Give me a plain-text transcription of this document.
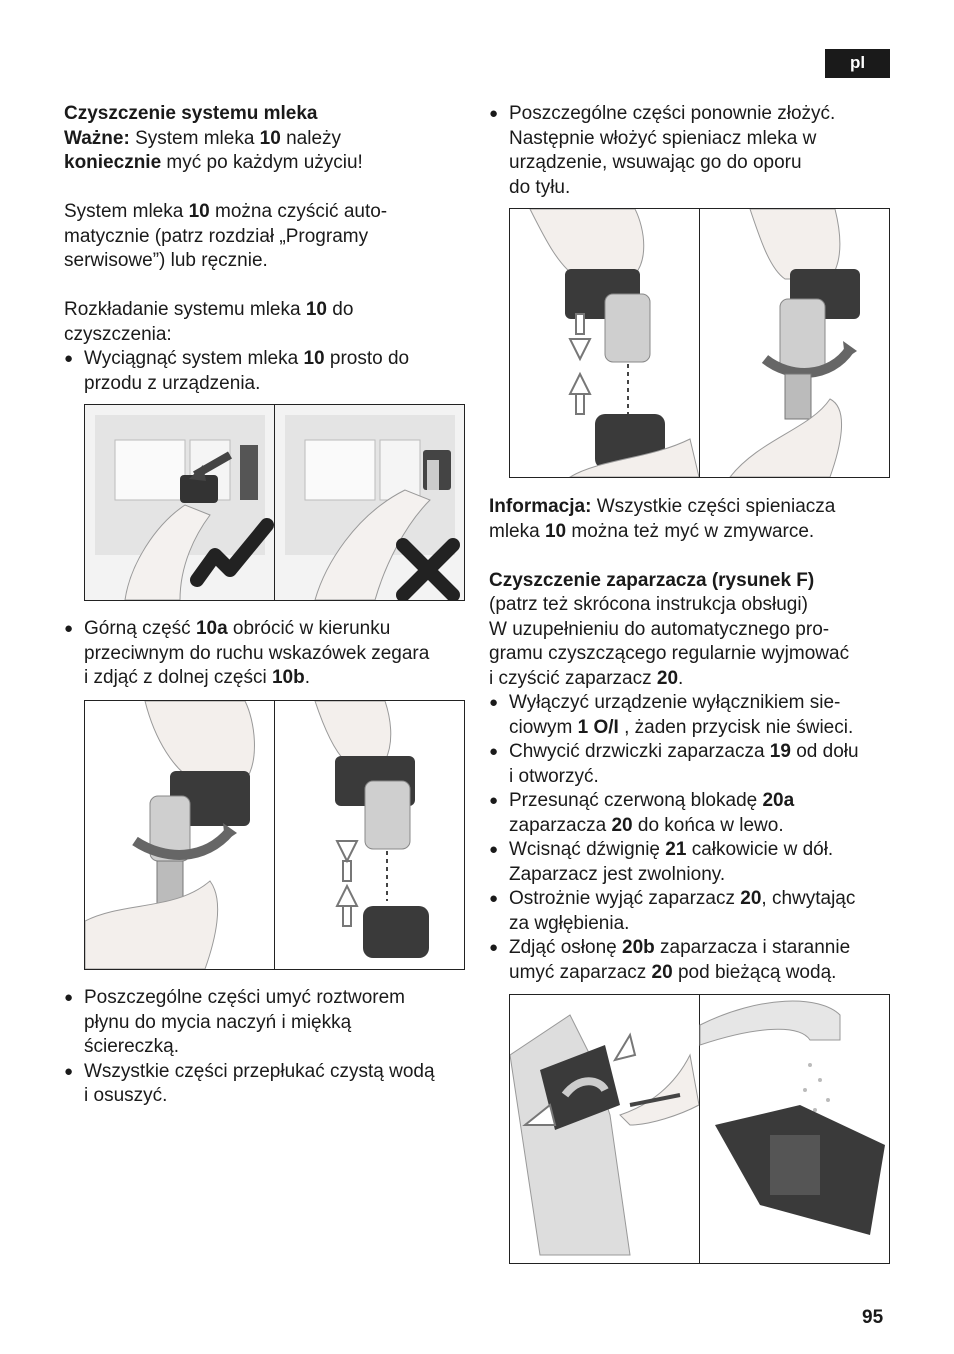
pl

Czyszczenie systemu mleka

Ważne: System mleka 10 należy
koniecznie myć po każdym użyciu!

System mleka 10 można czyścić auto-
matycznie (patrz rozdział „Programy
serwisowe”) lub ręcznie.

Rozkładanie systemu mleka 10 do
czyszczenia:

● Wyciągnąć system mleka 10 prosto do
przodu z urządzenia.

● Górną część 10a obrócić w kierunku
przeciwnym do ruchu wskazówek zegara
i zdjąć z dolnej części 10b.

● Poszczególne części umyć roztworem
płynu do mycia naczyń i miękką
ściereczką.

● Wszystkie części przepłukać czystą wodą
i osuszyć.

● Poszczególne części ponownie złożyć.
Następnie włożyć spieniacz mleka w
urządzenie, wsuwając go do oporu
do tyłu.

Informacja: Wszystkie części spieniacza
mleka 10 można też myć w zmywarce.

Czyszczenie zaparzacza (rysunek F)

(patrz też skrócona instrukcja obsługi)
W uzupełnieniu do automatycznego pro-
gramu czyszczącego regularnie wyjmować
i czyścić zaparzacz 20.

● Wyłączyć urządzenie wyłącznikiem sie-
ciowym 1 O/I , żaden przycisk nie świeci.

● Chwycić drzwiczki zaparzacza 19 od dołu
i otworzyć.

● Przesunąć czerwoną blokadę 20a
zaparzacza 20 do końca w lewo.

● Wcisnąć dźwignię 21 całkowicie w dół.
Zaparzacz jest zwolniony.

● Ostrożnie wyjąć zaparzacz 20, chwytając
za wgłębienia.

● Zdjąć osłonę 20b zaparzacza i starannie
umyć zaparzacz 20 pod bieżącą wodą.

95
